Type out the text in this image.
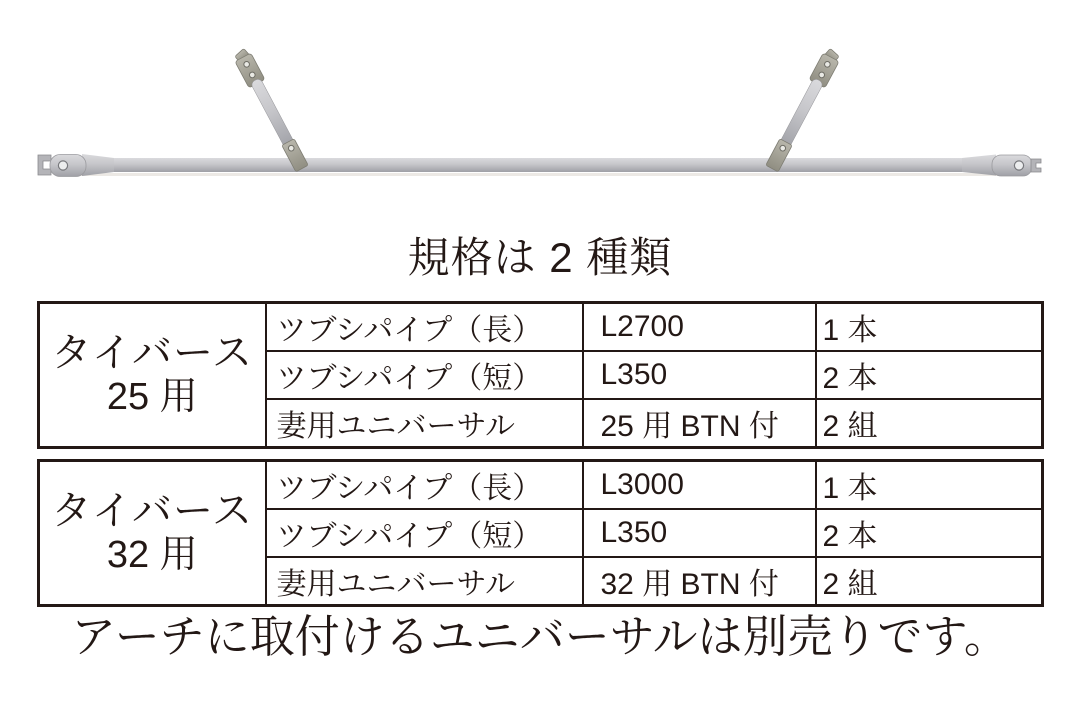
規格は 2 種類
タイバース
25 用	ツブシパイプ（長）	L2700	1 本
	ツブシパイプ（短）	L350	2 本
	妻用ユニバーサル	25 用 BTN 付	2 組
タイバース
32 用	ツブシパイプ（長）	L3000	1 本
	ツブシパイプ（短）	L350	2 本
	妻用ユニバーサル	32 用 BTN 付	2 組
アーチに取付けるユニバーサルは別売りです。
